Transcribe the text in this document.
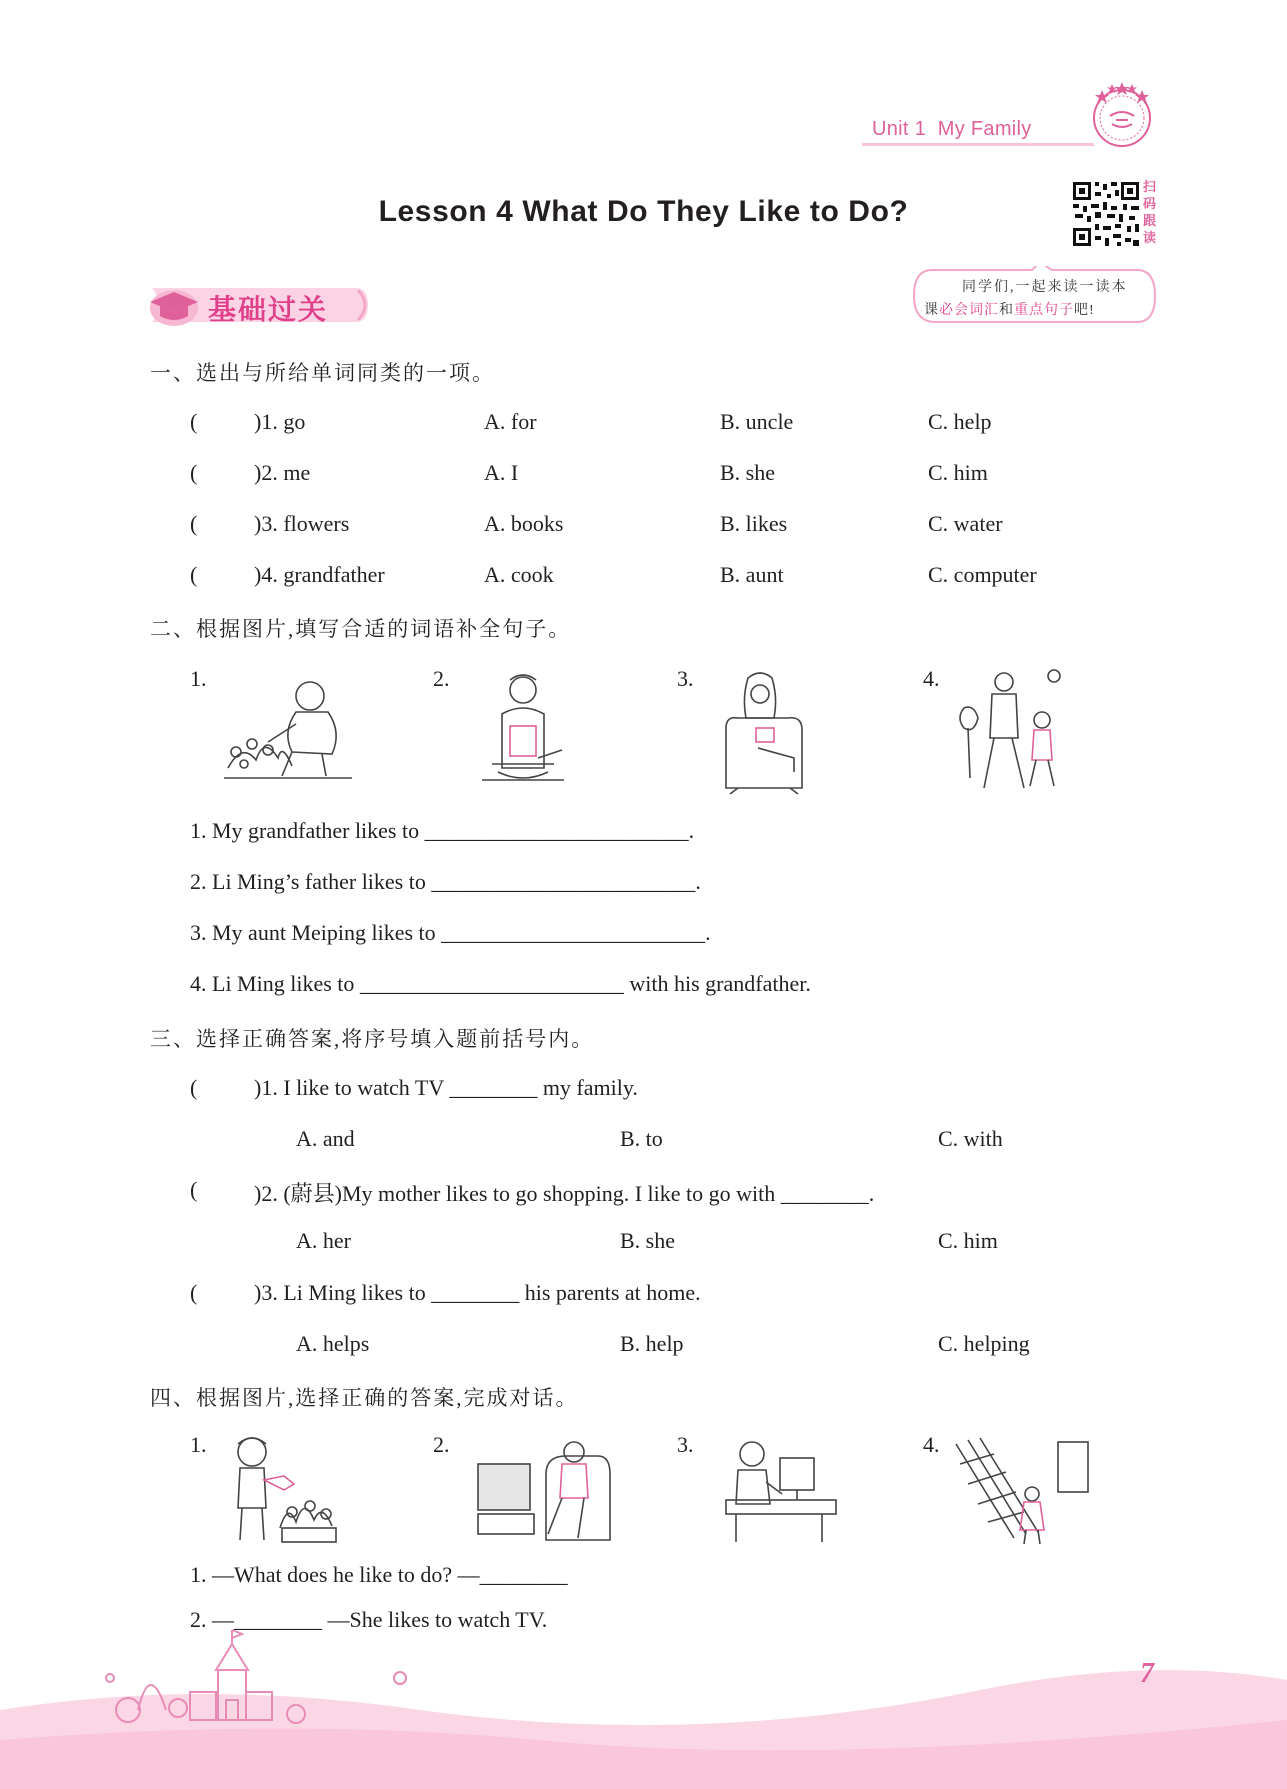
Unit 1 My Family
Lesson 4 What Do They Like to Do?
扫码跟读
基础过关
同学们,一起来读一读本
课必会词汇和重点句子吧!
一、选出与所给单词同类的一项。
(	)1. go	A. for	B. uncle	C. help
(	)2. me	A. I	B. she	C. him
(	)3. flowers	A. books	B. likes	C. water
(	)4. grandfather	A. cook	B. aunt	C. computer
二、根据图片,填写合适的词语补全句子。
1.	2.	3.	4.
1. My grandfather likes to ________________________.
2. Li Ming’s father likes to ________________________.
3. My aunt Meiping likes to ________________________.
4. Li Ming likes to ________________________ with his grandfather.
三、选择正确答案,将序号填入题前括号内。
(	)1. I like to watch TV ________ my family.
A. and	B. to	C. with
(	)2. (蔚县)My mother likes to go shopping. I like to go with ________.
A. her	B. she	C. him
(	)3. Li Ming likes to ________ his parents at home.
A. helps	B. help	C. helping
四、根据图片,选择正确的答案,完成对话。
1.	2.	3.	4.
1. —What does he like to do? —________
2. —________ —She likes to watch TV.
7
